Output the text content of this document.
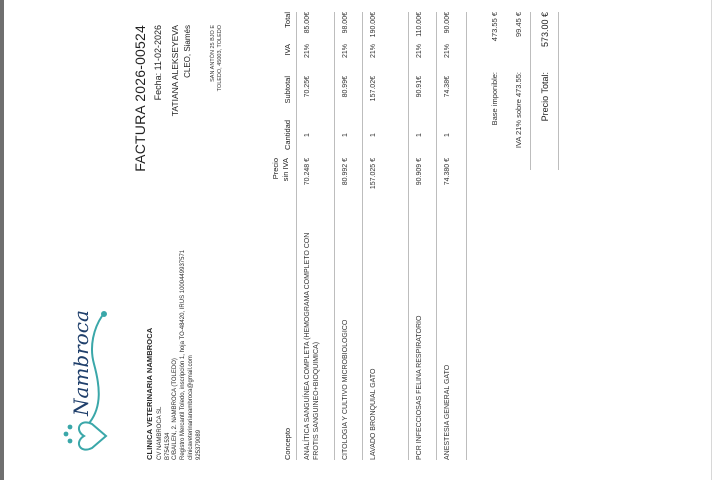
Nambroca	CLINICA VETERINARIA NAMBROCA CV NAMBROCA SL B7541534 C/BAILEN, 2. NAMBROCA (TOLEDO) Registro Mercantil Toledo, inscripción 1, hoja TO-48420, IRUS 1000449937571 clinicaveterinarianambroca@gmail.com 925379089
FACTURA 2026-00524 Fecha: 11-02-2026 TATIANA ALEKSEYEVA CLEO, Siamés	SAN ANTÓN 25 BJO E TOLEDO, 45003, TOLEDO
Concepto
Precio sin IVA
Cantidad
Subtotal
IVA
Total
ANALÍTICA SANGUÍNEA COMPLETA (HEMOGRAMA COMPLETO CON FROTIS SANGUINEO+BIOQUIMICA)
70.248 €
1
70.25€
21%
85.00€
CITOLOGIA Y CULTIVO MICROBIOLOGICO
80.992 €
1
80.99€
21%
98.00€
LAVADO BRONQUIAL GATO
157.025 €
1
157.02€
21%
190.00€
PCR INFECCIOSAS FELINA RESPIRATORIO
90.909 €
1
90.91€
21%
110.00€
ANESTESIA GENERAL GATO
74.380 €
1
74.38€
21%
90.00€
Base imponible:
473.55 €
IVA 21% sobre 473.55:
99.45 €
Precio Total:
573.00 €
